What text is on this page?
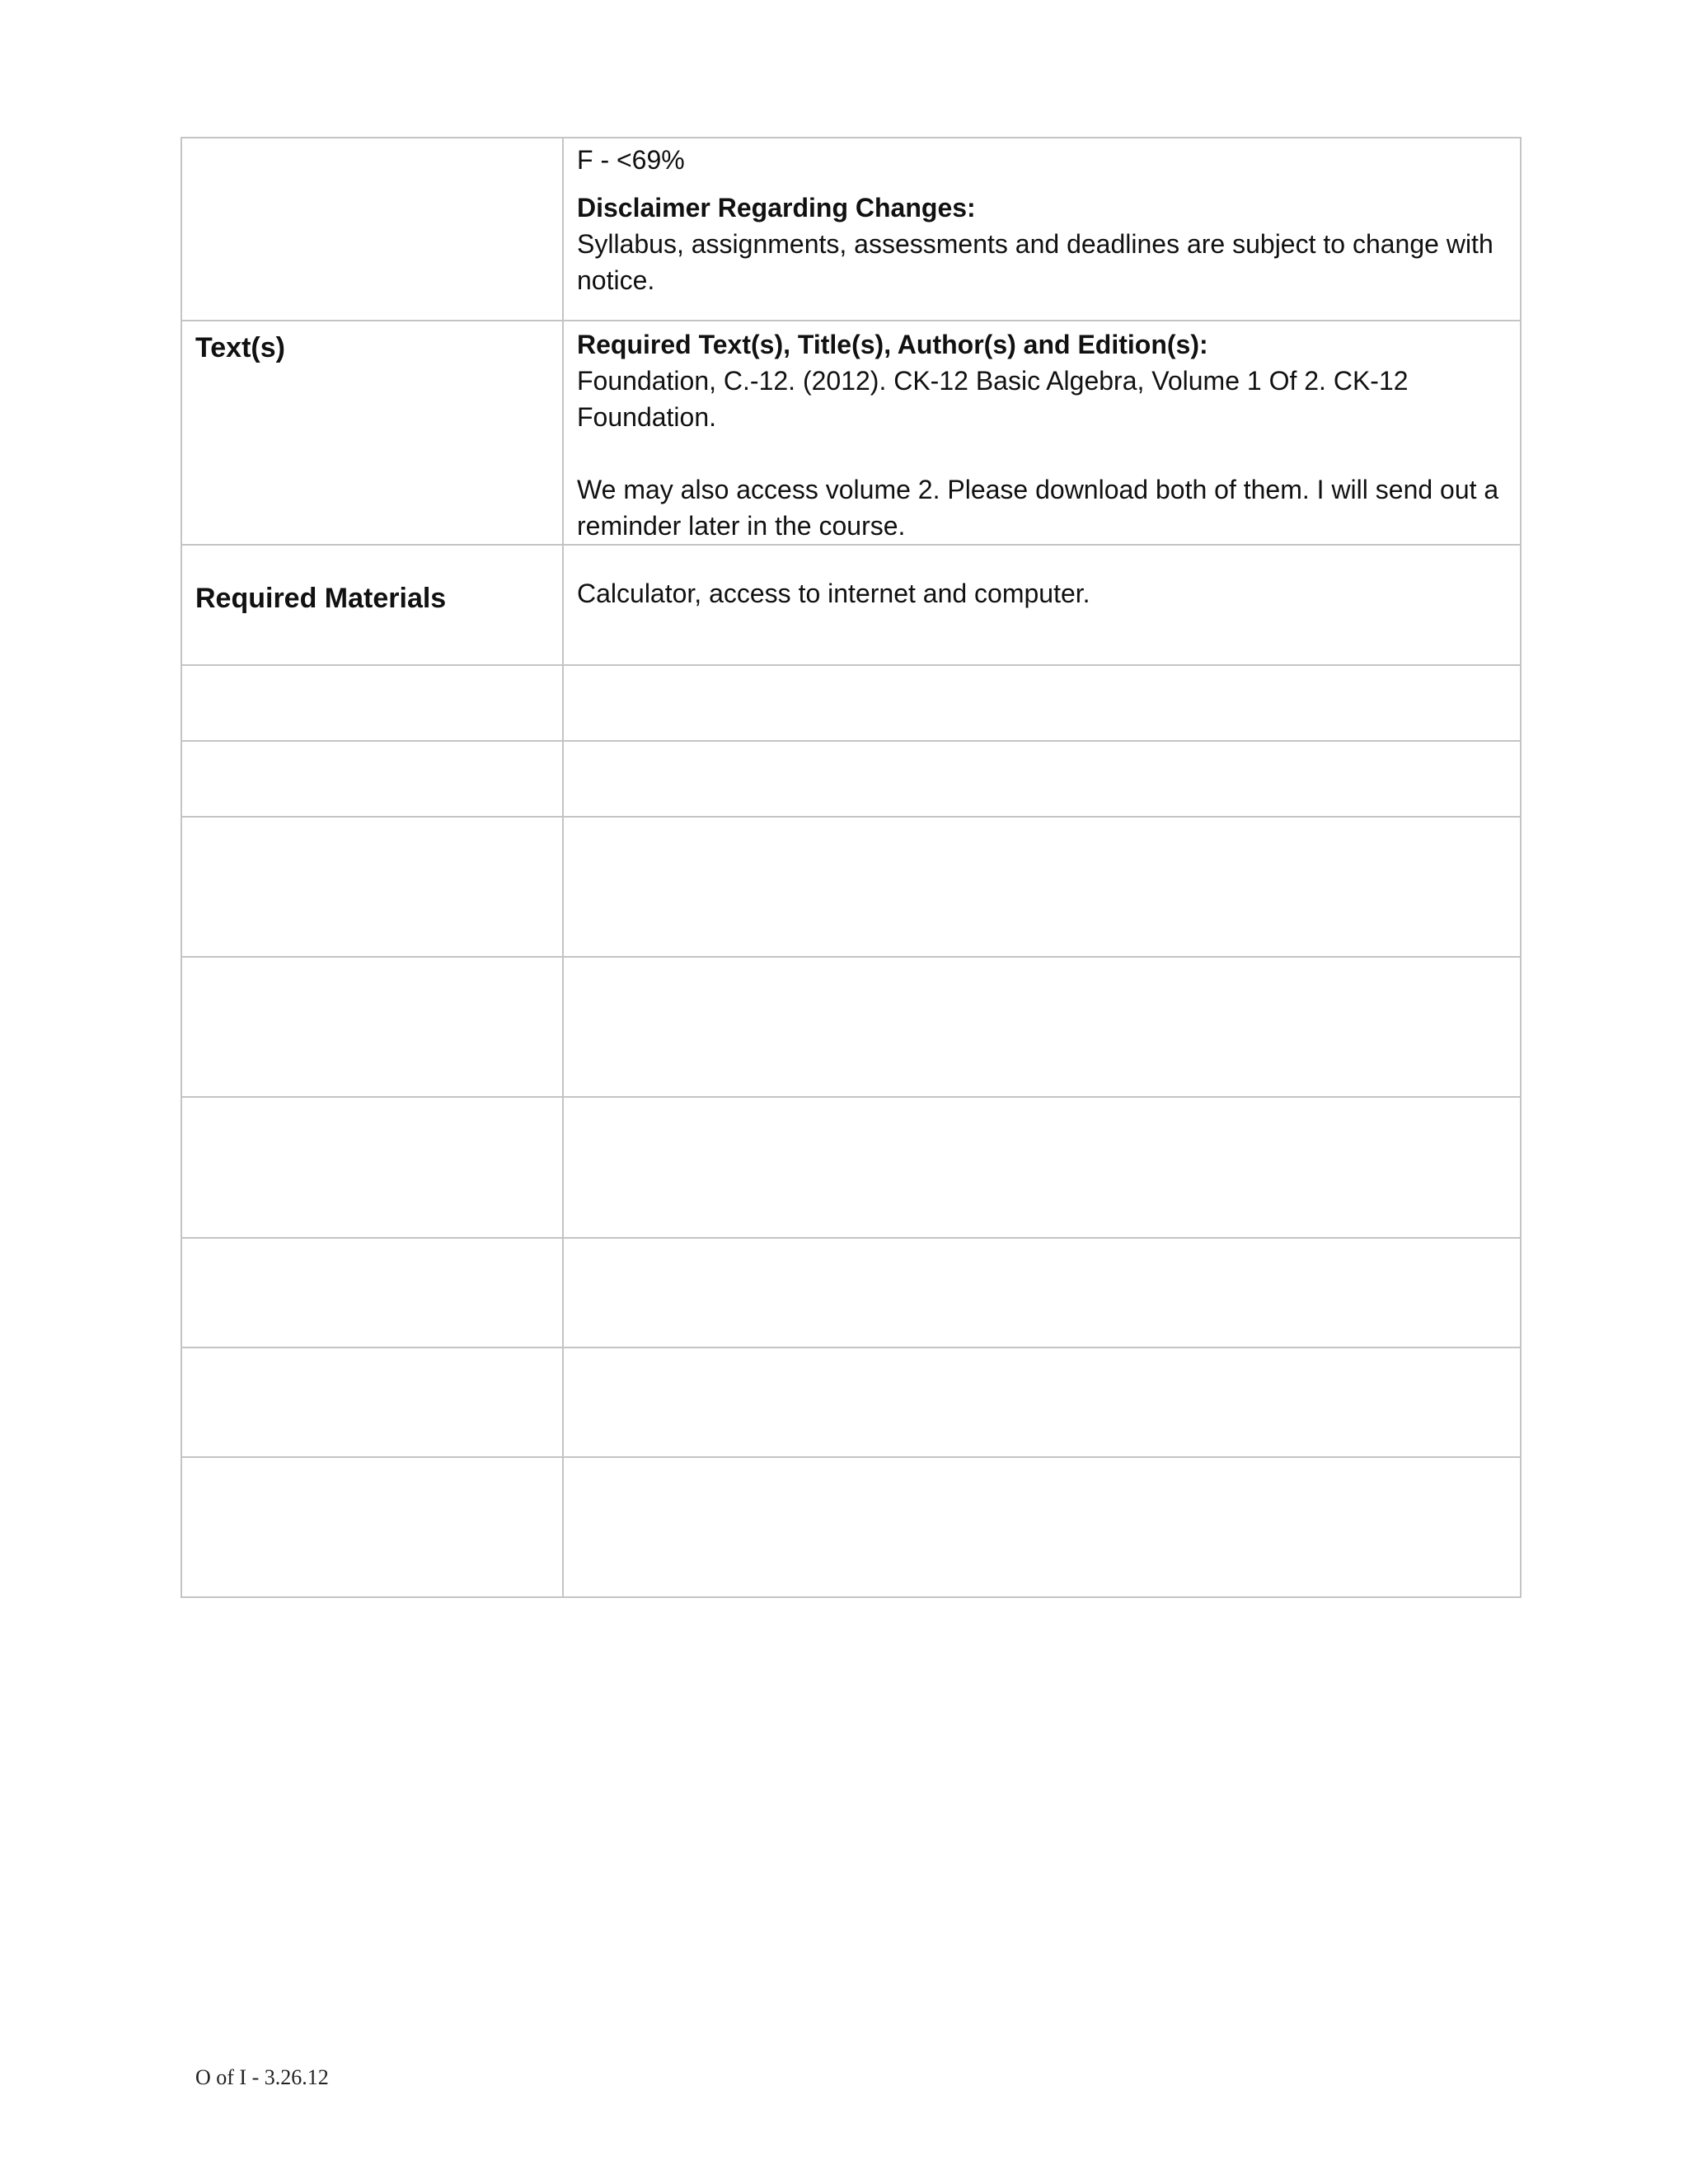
	F - <69%
Disclaimer Regarding Changes:
Syllabus, assignments, assessments and deadlines are subject to change with notice.

Text(s)	Required Text(s), Title(s), Author(s) and Edition(s):
Foundation, C.-12. (2012). CK-12 Basic Algebra, Volume 1 Of 2. CK-12 Foundation.
We may also access volume 2. Please download both of them. I will send out a reminder later in the course.

Required Materials	Calculator, access to internet and computer.

O of I - 3.26.12
